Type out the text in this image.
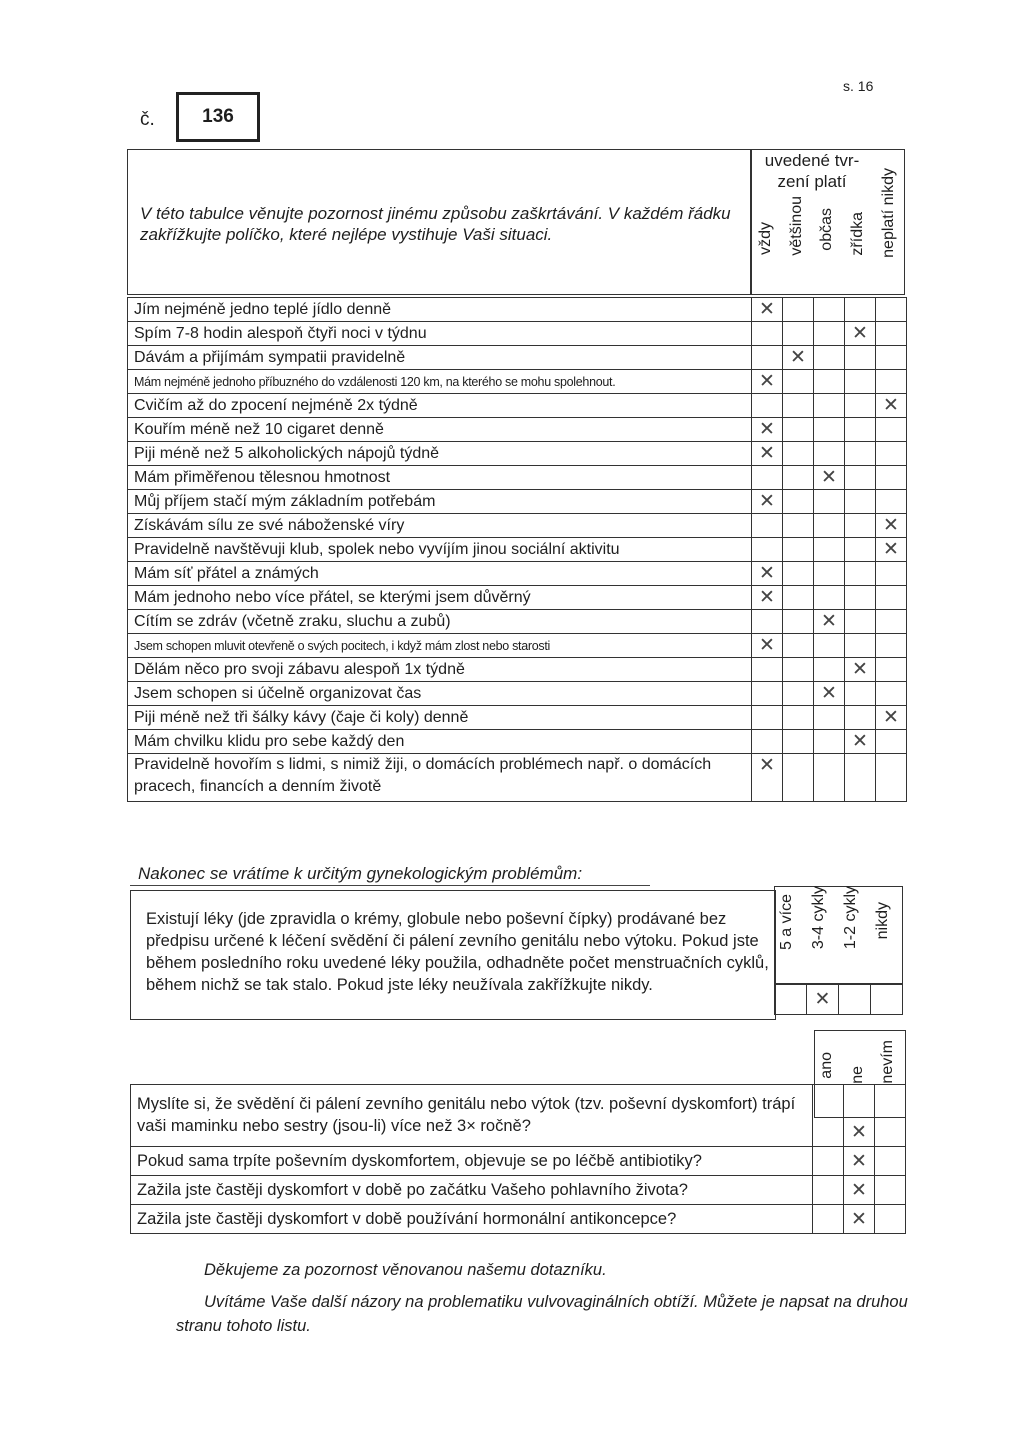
s. 16
č. 136
V této tabulce věnujte pozornost jinému způsobu zaškrtávání. V každém řádku zakřížkujte políčko, které nejlépe vystihuje Vaši situaci.
uvedené tvr-zení platí
vždy většinou občas zřídka neplatí nikdy
Jím nejméně jedno teplé jídlo denně	✕				
Spím 7-8 hodin alespoň čtyři noci v týdnu				✕	
Dávám a přijímám sympatii pravidelně		✕			
Mám nejméně jednoho příbuzného do vzdálenosti 120 km, na kterého se mohu spolehnout.	✕				
Cvičím až do zpocení nejméně 2x týdně					✕
Kouřím méně než 10 cigaret denně	✕				
Piji méně než 5 alkoholických nápojů týdně	✕				
Mám přiměřenou tělesnou hmotnost			✕		
Můj příjem stačí mým základním potřebám	✕				
Získávám sílu ze své náboženské víry					✕
Pravidelně navštěvuji klub, spolek nebo vyvíjím jinou sociální aktivitu					✕
Mám síť přátel a známých	✕				
Mám jednoho nebo více přátel, se kterými jsem důvěrný	✕				
Cítím se zdráv (včetně zraku, sluchu a zubů)			✕		
Jsem schopen mluvit otevřeně o svých pocitech, i když mám zlost nebo starosti	✕				
Dělám něco pro svoji zábavu alespoň 1x týdně				✕	
Jsem schopen si účelně organizovat čas			✕		
Piji méně než tři šálky kávy (čaje či koly) denně					✕
Mám chvilku klidu pro sebe každý den				✕	
Pravidelně hovořím s lidmi, s nimiž žiji, o domácích problémech např. o domácích pracech, financích a denním životě	✕				
Nakonec se vrátíme k určitým gynekologickým problémům:
Existují léky (jde zpravidla o krémy, globule nebo poševní čípky) prodávané bez předpisu určené k léčení svědění či pálení zevního genitálu nebo výtoku. Pokud jste během posledního roku uvedené léky použila, odhadněte počet menstruačních cyklů, během nichž se tak stalo. Pokud jste léky neužívala zakřížkujte nikdy.
5 a více 3-4 cykly 1-2 cykly nikdy
	✕		
ano ne nevím
Myslíte si, že svědění či pálení zevního genitálu nebo výtok (tzv. poševní dyskomfort) trápí vaši maminku nebo sestry (jsou-li) více než 3× ročně?		✕	
Pokud sama trpíte poševním dyskomfortem, objevuje se po léčbě antibiotiky?		✕	
Zažila jste častěji dyskomfort v době po začátku Vašeho pohlavního života?		✕	
Zažila jste častěji dyskomfort v době používání hormonální antikoncepce?		✕	
Děkujeme za pozornost věnovanou našemu dotazníku.
Uvítáme Vaše další názory na problematiku vulvovaginálních obtíží. Můžete je napsat na druhou stranu tohoto listu.
